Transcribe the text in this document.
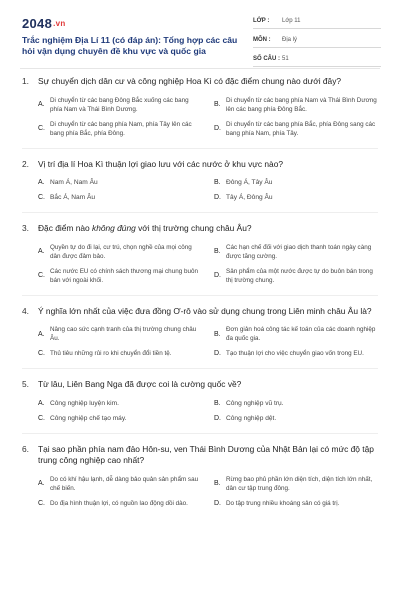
2048.vn
Trắc nghiệm Địa Lí 11 (có đáp án): Tổng hợp các câu hỏi vận dụng chuyên đề khu vực và quốc gia
LỚP :	Lớp 11
MÔN :	Địa lý
SỐ CÂU : 51
1.	Sự chuyển dịch dân cư và công nghiệp Hoa Kì có đặc điểm chung nào dưới đây?
A.
Di chuyển từ các bang Đông Bắc xuống các bang phía Nam và Thái Bình Dương.
B.
Di chuyển từ các bang phía Nam và Thái Bình Dương lên các bang phía Đông Bắc.
C.
Di chuyển từ các bang phía Nam, phía Tây lên các bang phía Bắc, phía Đông.
D.
Di chuyển từ các bang phía Bắc, phía Đông sang các bang phía Nam, phía Tây.
2.	Vị trí địa lí Hoa Kì thuận lợi giao lưu với các nước ở khu vực nào?
A. Nam Á, Nam Âu	B. Đông Á, Tây Âu
C. Bắc Á, Nam Âu	D. Tây Á, Đông Âu
3.	Đặc điểm nào không đúng với thị trường chung châu Âu?
A.
Quyền tự do đi lại, cư trú, chọn nghề của mọi công dân được đảm bảo.
B.
Các hạn chế đối với giao dịch thanh toán ngày càng được tăng cường.
C.
Các nước EU có chính sách thương mại chung buôn bán với ngoài khối.
D.
Sản phẩm của một nước được tự do buôn bán trong thị trường chung.
4.	Ý nghĩa lớn nhất của việc đưa đồng Ơ-rô vào sử dụng chung trong Liên minh châu Âu là?
A.
Nâng cao sức cạnh tranh của thị trường chung châu Âu.
B.
Đơn giản hoá công tác kế toán của các doanh nghiệp đa quốc gia.
C. Thủ tiêu những rủi ro khi chuyển đổi tiền tệ.	D. Tạo thuận lợi cho việc chuyển giao vốn trong EU.
5.	Từ lâu, Liên Bang Nga đã được coi là cường quốc về?
A. Công nghiệp luyện kim.	B. Công nghiệp vũ trụ.
C. Công nghiệp chế tạo máy.	D. Công nghiệp dệt.
6.	Tại sao phần phía nam đảo Hôn-su, ven Thái Bình Dương của Nhật Bản lại có mức độ tập trung công nghiệp cao nhất?
A.
Do có khí hậu lạnh, dễ dàng bảo quản sản phẩm sau chế biến.
B.
Rừng bao phủ phần lớn diện tích, diện tích lớn nhất, dân cư tập trung đông.
C. Do địa hình thuận lợi, có nguồn lao động dồi dào.	D. Do tập trung nhiều khoáng sản có giá trị.
